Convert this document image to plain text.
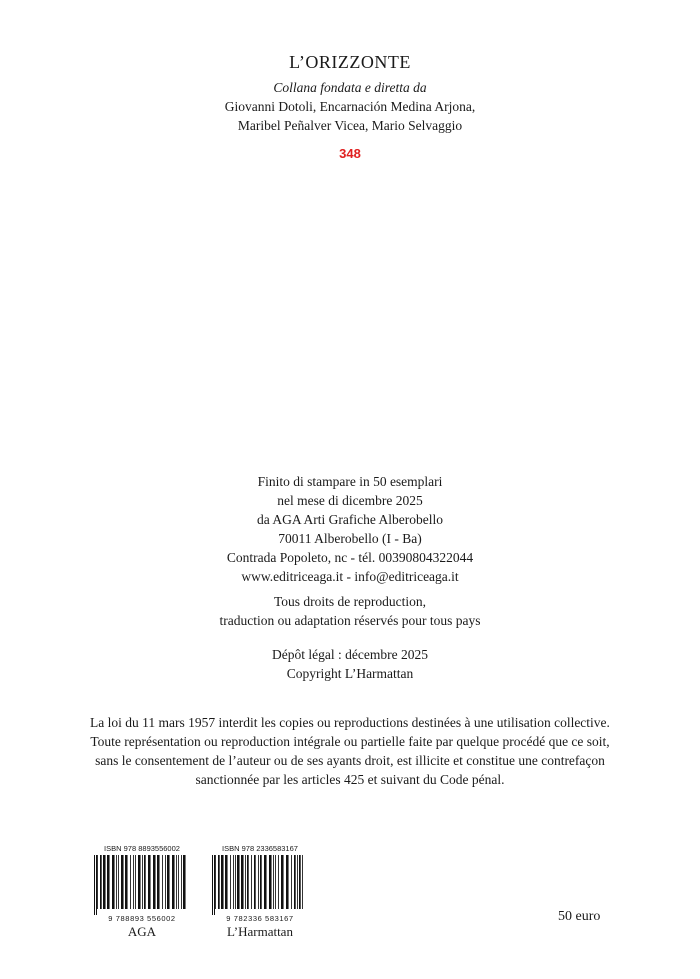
L’ORIZZONTE
Collana fondata e diretta da
Giovanni Dotoli, Encarnación Medina Arjona,
Maribel Peñalver Vicea, Mario Selvaggio
348
Finito di stampare in 50 esemplari
nel mese di dicembre 2025
da AGA Arti Grafiche Alberobello
70011 Alberobello (I - Ba)
Contrada Popoleto, nc - tél. 00390804322044
www.editriceaga.it - info@editriceaga.it
Tous droits de reproduction,
traduction ou adaptation réservés pour tous pays
Dépôt légal : décembre 2025
Copyright L’Harmattan
La loi du 11 mars 1957 interdit les copies ou reproductions destinées à une utilisation collective.
Toute représentation ou reproduction intégrale ou partielle faite par quelque procédé que ce soit,
sans le consentement de l’auteur ou de ses ayants droit, est illicite et constitue une contrefaçon
sanctionnée par les articles 425 et suivant du Code pénal.
ISBN 978 8893556002
9 788893 556002
AGA
ISBN 978 2336583167
9 782336 583167
L’Harmattan
50 euro
